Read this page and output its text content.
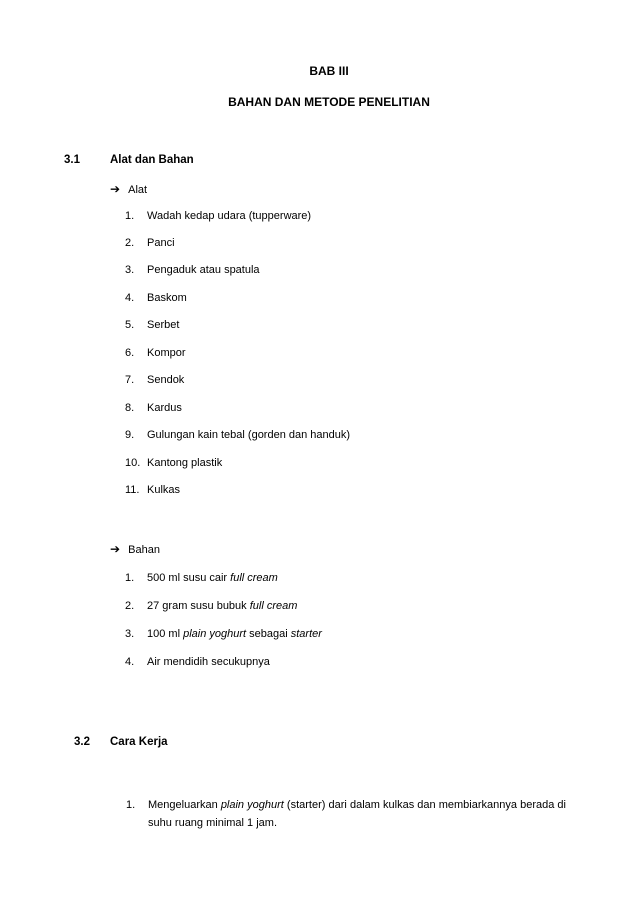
BAB III
BAHAN DAN METODE PENELITIAN
3.1	Alat dan Bahan
➔ Alat
1. Wadah kedap udara (tupperware)
2. Panci
3. Pengaduk atau spatula
4. Baskom
5. Serbet
6. Kompor
7. Sendok
8. Kardus
9. Gulungan kain tebal (gorden dan handuk)
10. Kantong plastik
11. Kulkas
➔ Bahan
1. 500 ml susu cair full cream
2. 27 gram susu bubuk full cream
3. 100 ml plain yoghurt sebagai starter
4. Air mendidih secukupnya
3.2 Cara Kerja
1. Mengeluarkan plain yoghurt (starter) dari dalam kulkas dan membiarkannya berada di suhu ruang minimal 1 jam.
